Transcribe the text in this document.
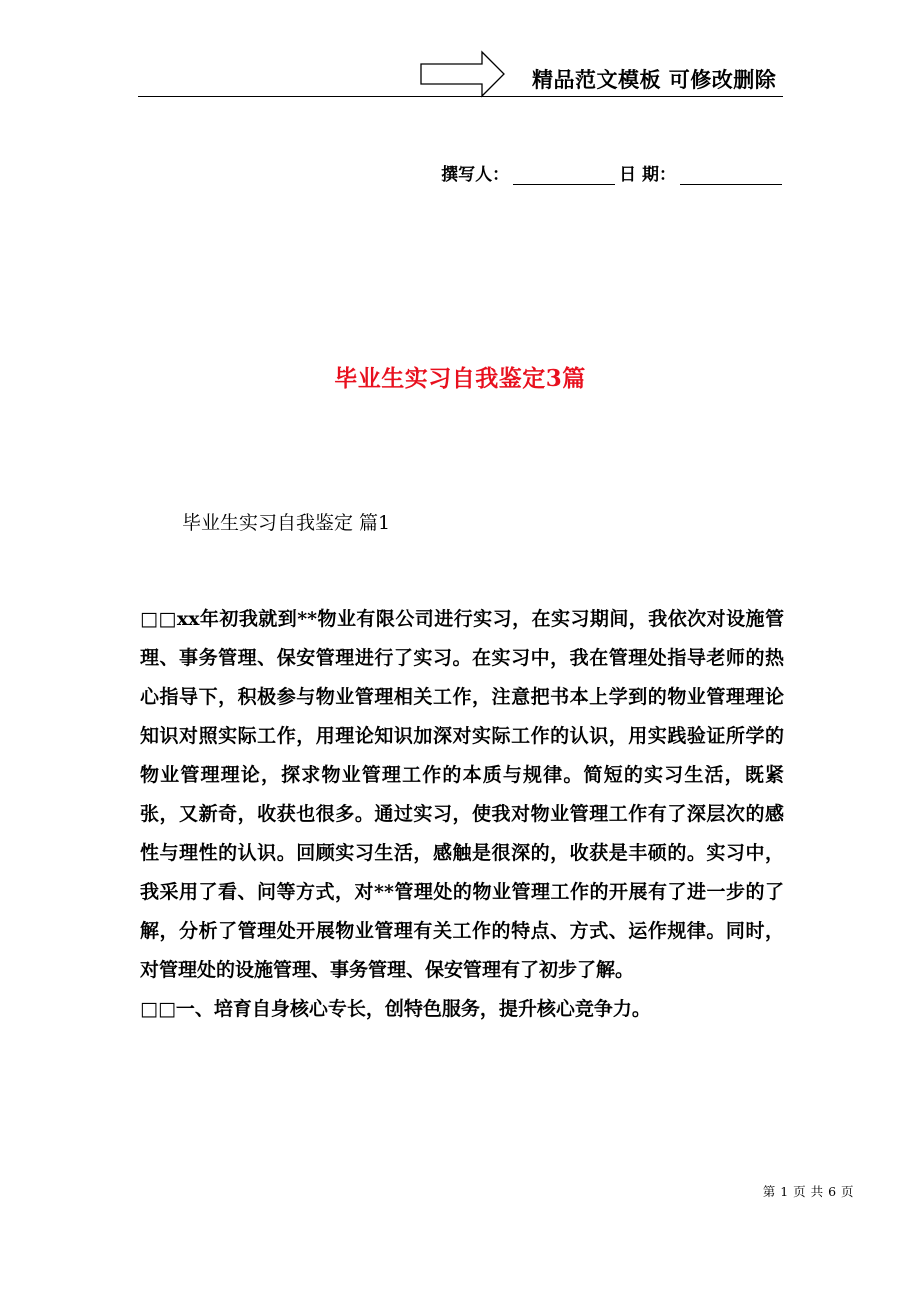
精品范文模板 可修改删除
撰写人：	日 期：
毕业生实习自我鉴定3篇
毕业生实习自我鉴定 篇1

□□xx年初我就到**物业有限公司进行实习，在实习期间，我依次对设施管理、事务管理、保安管理进行了实习。在实习中，我在管理处指导老师的热心指导下，积极参与物业管理相关工作，注意把书本上学到的物业管理理论知识对照实际工作，用理论知识加深对实际工作的认识，用实践验证所学的物业管理理论，探求物业管理工作的本质与规律。简短的实习生活，既紧张，又新奇，收获也很多。通过实习，使我对物业管理工作有了深层次的感性与理性的认识。回顾实习生活，感触是很深的，收获是丰硕的。实习中，我采用了看、问等方式，对**管理处的物业管理工作的开展有了进一步的了解，分析了管理处开展物业管理有关工作的特点、方式、运作规律。同时，对管理处的设施管理、事务管理、保安管理有了初步了解。

□□一、培育自身核心专长，创特色服务，提升核心竞争力。

第 1 页 共 6 页
